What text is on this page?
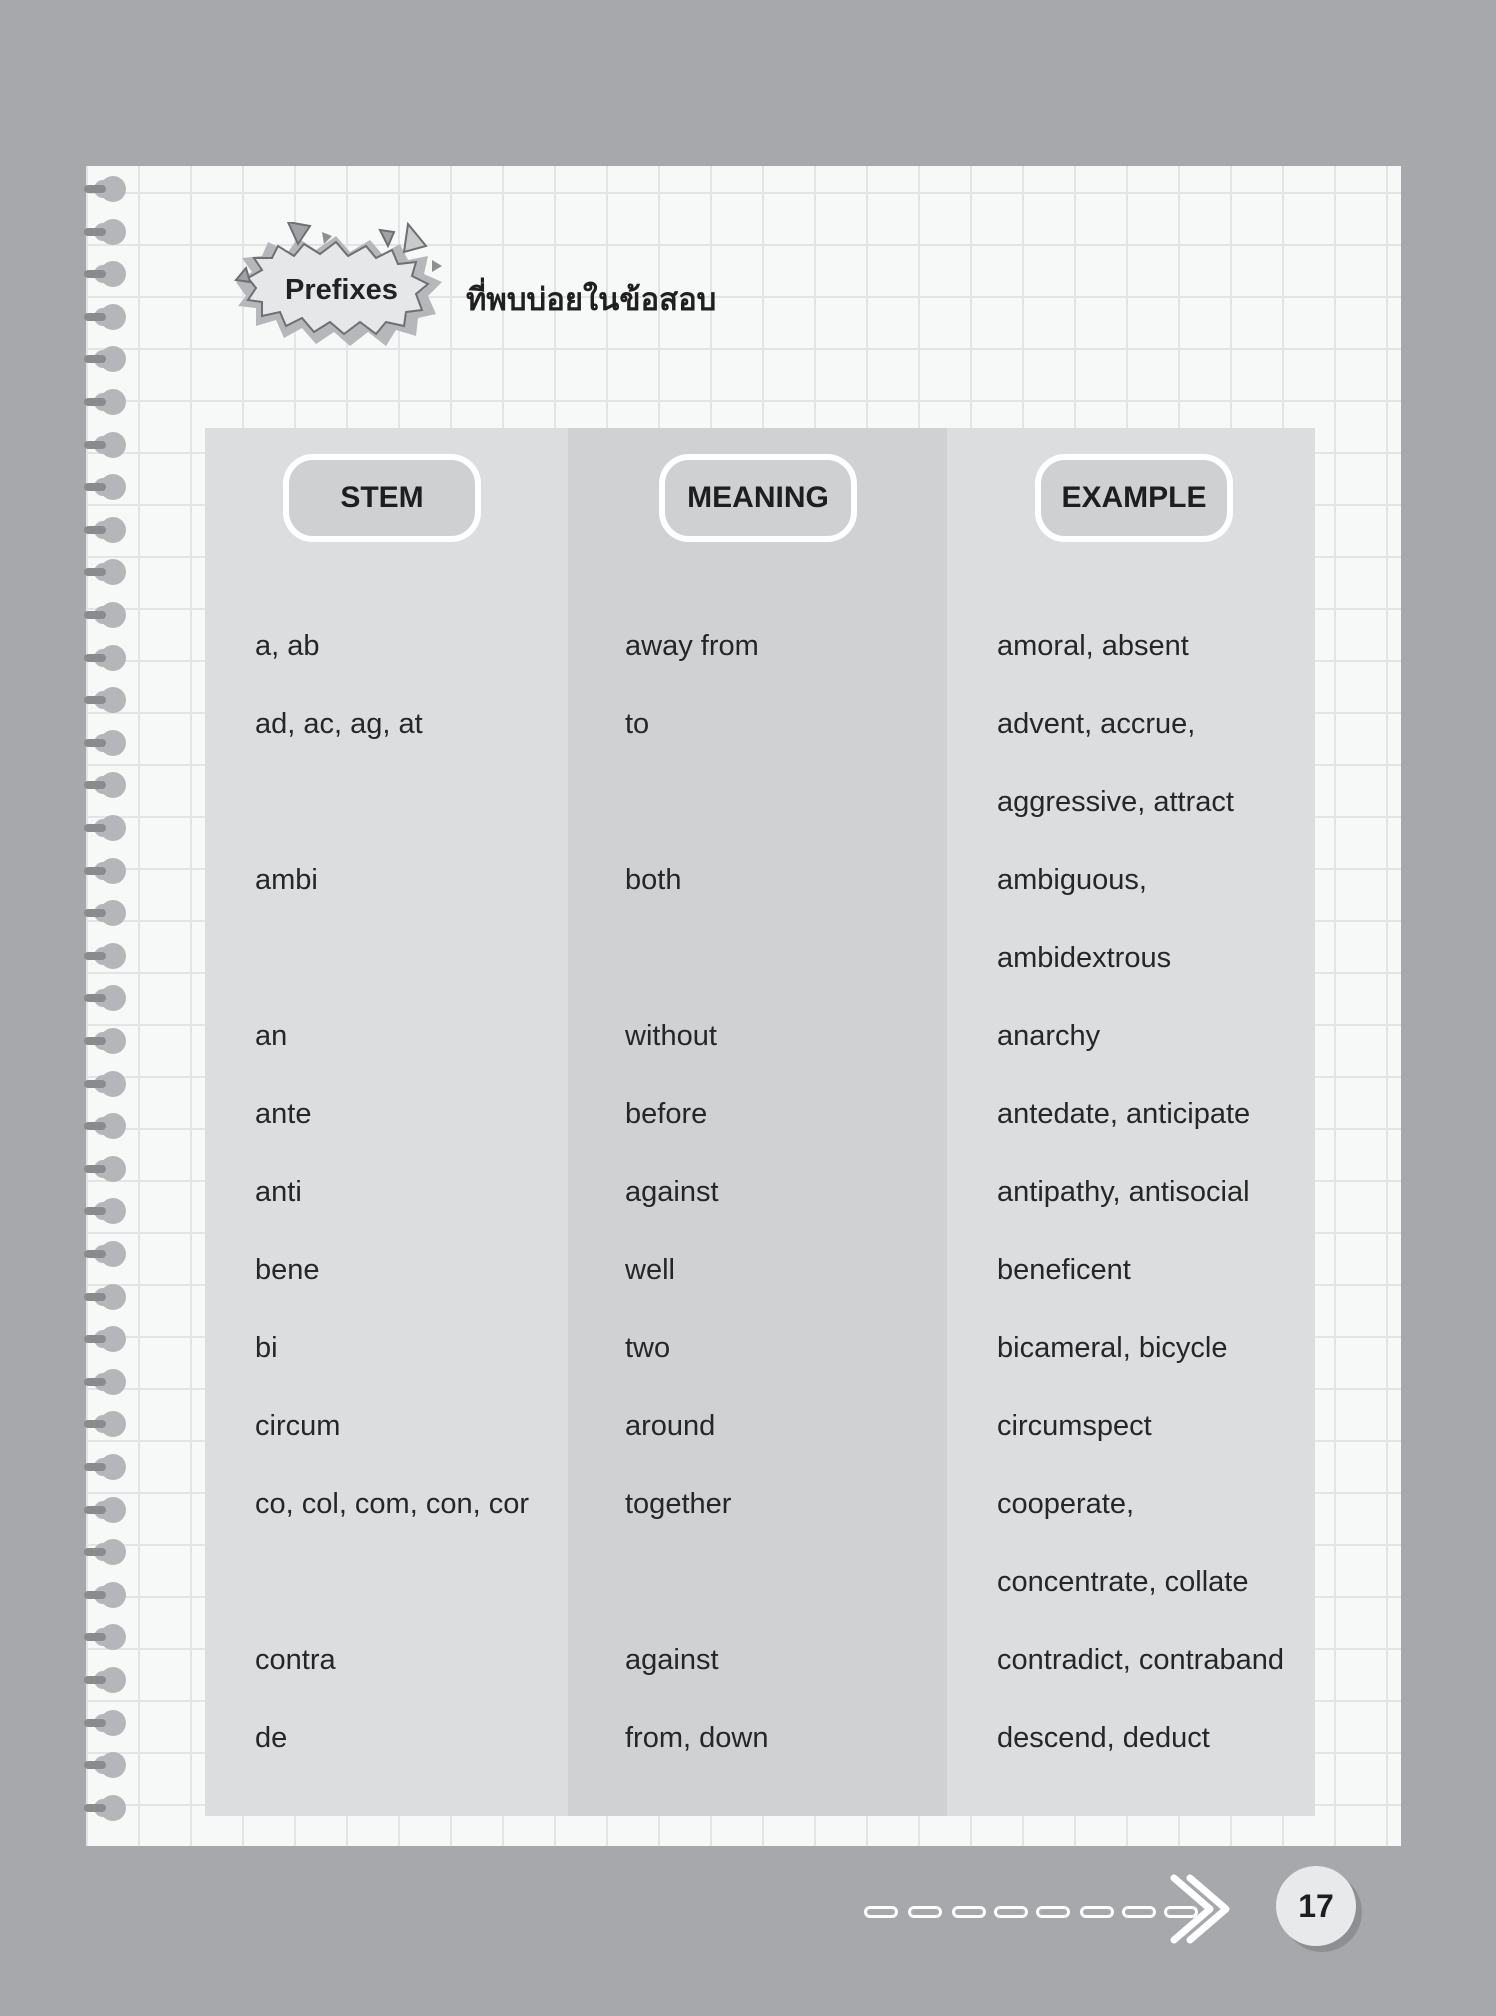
Prefixes ที่พบบ่อยในข้อสอบ
STEM	MEANING	EXAMPLE
a, ab	away from	amoral, absent
ad, ac, ag, at	to	advent, accrue,
aggressive, attract
ambi	both	ambiguous,
ambidextrous
an	without	anarchy
ante	before	antedate, anticipate
anti	against	antipathy, antisocial
bene	well	beneficent
bi	two	bicameral, bicycle
circum	around	circumspect
co, col, com, con, cor	together	cooperate,
concentrate, collate
contra	against	contradict, contraband
de	from, down	descend, deduct
17
